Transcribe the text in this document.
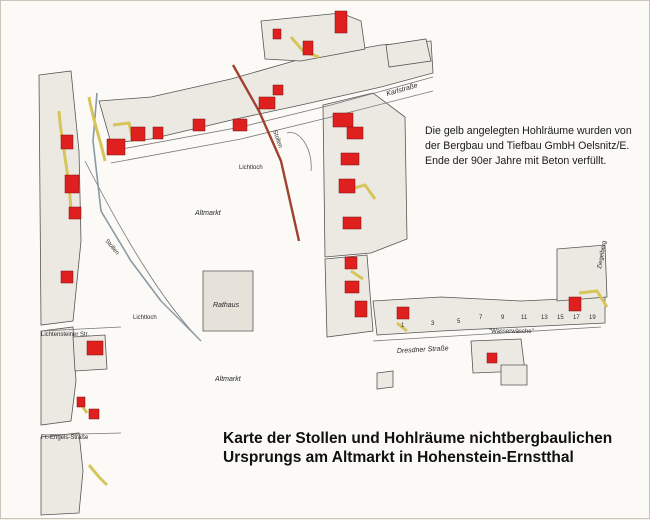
Karlstraße
Altmarkt
Altmarkt
Rathaus
Lichtloch
Lichtloch
Lichtensteiner Str.
Fr.-Engels-Straße
Dresdner Straße
"Wasserwäsche"
Ziegelberg
Stollen
Stollen
1	3	5
7	9	11 13 15 17 19
Die gelb angelegten Hohlräume wurden von der Bergbau und Tiefbau GmbH Oelsnitz/E. Ende der 90er Jahre mit Beton verfüllt.
Karte der Stollen und Hohlräume nichtbergbaulichen
Ursprungs am Altmarkt in Hohenstein-Ernstthal
